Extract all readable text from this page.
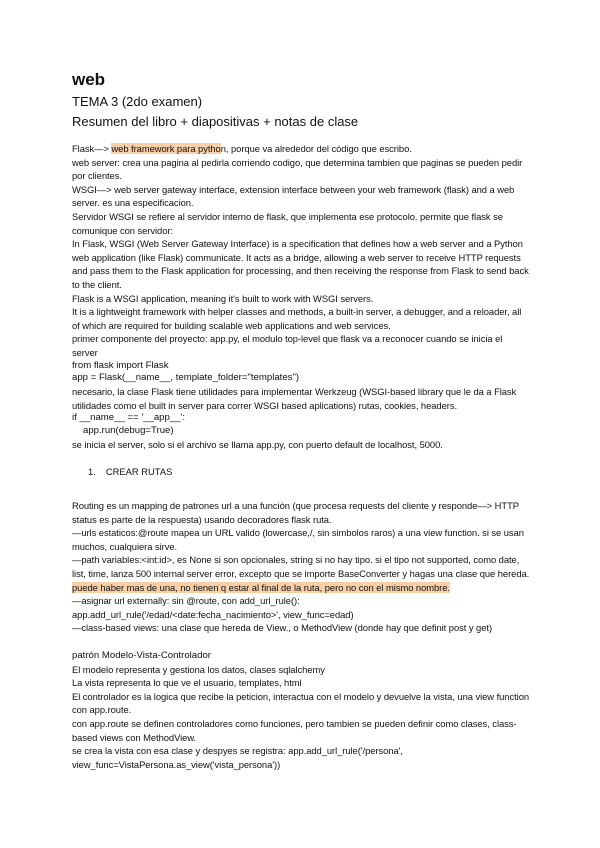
web
TEMA 3 (2do examen)
Resumen del libro + diapositivas + notas de clase

Flask—> web framework para python, porque va alrededor del código que escribo.

web server: crea una pagina al pedirla corriendo codigo, que determina tambien que paginas se pueden pedir por clientes.

WSGI—> web server gateway interface, extension interface between your web framework (flask) and a web server. es una especificacion.

Servidor WSGI se refiere al servidor interno de flask, que implementa ese protocolo. permite que flask se comunique con servidor:

In Flask, WSGI (Web Server Gateway Interface) is a specification that defines how a web server and a Python web application (like Flask) communicate. It acts as a bridge, allowing a web server to receive HTTP requests and pass them to the Flask application for processing, and then receiving the response from Flask to send back to the client.

Flask is a WSGI application, meaning it's built to work with WSGI servers.

It is a lightweight framework with helper classes and methods, a built-in server, a debugger, and a reloader, all of which are required for building scalable web applications and web services.

primer componente del proyecto: app.py, el modulo top-level que flask va a reconocer cuando se inicia el server

from flask import Flask

app = Flask(__name__, template_folder="templates")

necesario, la clase Flask tiene utilidades para implementar Werkzeug (WSGI-based library que le da a Flask utilidades como el built in server para correr WSGI based aplications) rutas, cookies, headers.

if __name__ == '__app__':

app.run(debug=True)

se inicia el server, solo si el archivo se llama app.py, con puerto default de localhost, 5000.

1. CREAR RUTAS

Routing es un mapping de patrones url a una función (que procesa requests del cliente y responde—> HTTP status es parte de la respuesta) usando decoradores flask ruta.

—urls estaticos:@route mapea un URL valido (lowercase,/, sin simbolos raros) a una view function. si se usan muchos, cualquiera sirve.

—path variables:<int:id>, es None si son opcionales, string si no hay tipo. si el tipo not supported, como date, list, time, lanza 500 internal server error, excepto que se importe BaseConverter y hagas una clase que hereda. puede haber mas de una, no tienen q estar al final de la ruta, pero no con el mismo nombre.

—asignar url externally: sin @route, con add_url_rule():

app.add_url_rule('/edad/<date:fecha_nacimiento>', view_func=edad)

—class-based views: una clase que hereda de View., o MethodView (donde hay que definit post y get)

patrón Modelo-Vista-Controlador

El modelo representa y gestiona los datos, clases sqlalchemy

La vista representa lo que ve el usuario, templates, html

El controlador es la logica que recibe la peticion, interactua con el modelo y devuelve la vista, una view function con app.route.

con app.route se definen controladores como funciones, pero tambien se pueden definir como clases, class-based views con MethodView.

se crea la vista con esa clase y despyes se registra: app.add_url_rule('/persona', view_func=VistaPersona.as_view('vista_persona'))
